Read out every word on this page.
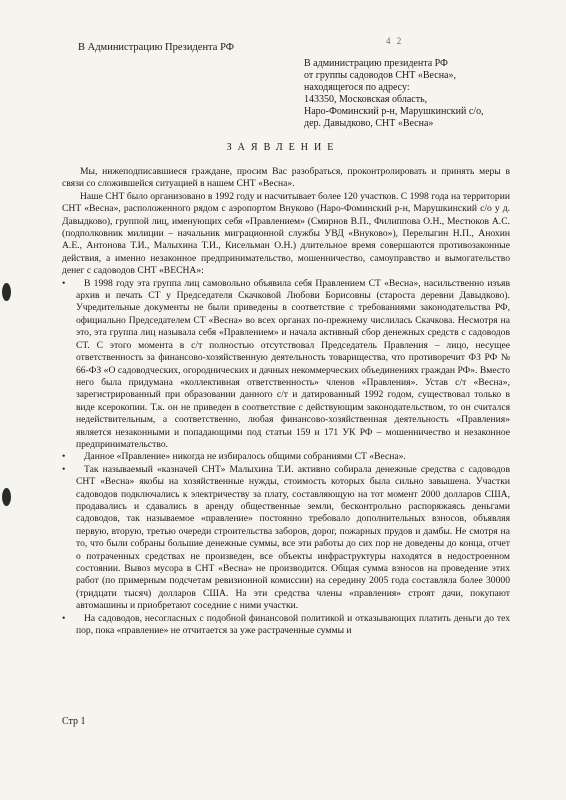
4 2
В Администрацию Президента РФ
В администрацию президента РФ
от группы садоводов СНТ «Весна»,
находящегося по адресу:
143350, Московская область,
Наро-Фоминский р-н, Марушкинский с/о,
дер. Давыдково, СНТ «Весна»
ЗАЯВЛЕНИЕ

Мы, нижеподписавшиеся граждане, просим Вас разобраться, проконтролировать и принять меры в связи со сложившейся ситуацией в нашем СНТ «Весна».

Наше СНТ было организовано в 1992 году и насчитывает более 120 участков. С 1998 года на территории СНТ «Весна», расположенного рядом с аэропортом Внуково (Наро-Фоминский р-н, Марушкинский с/о у д. Давыдково), группой лиц, именующих себя «Правлением» (Смирнов В.П., Филиппова О.Н., Местюков А.С. (подполковник милиции – начальник миграционной службы УВД «Внуково»), Перелыгин Н.П., Анохин А.Е., Антонова Т.И., Малыхина Т.И., Кисельман О.Н.) длительное время совершаются противозаконные действия, а именно незаконное предпринимательство, мошенничество, самоуправство и вымогательство денег с садоводов СНТ «ВЕСНА»:

• В 1998 году эта группа лиц самовольно объявила себя Правлением СТ «Весна», насильственно изъяв архив и печать СТ у Председателя Скачковой Любови Борисовны (староста деревни Давыдково). Учредительные документы не были приведены в соответствие с требованиями законодательства РФ, официально Председателем СТ «Весна» во всех органах по-прежнему числилась Скачкова. Несмотря на это, эта группа лиц называла себя «Правлением» и начала активный сбор денежных средств с садоводов СТ. С этого момента в с/т полностью отсутствовал Председатель Правления – лицо, несущее ответственность за финансово-хозяйственную деятельность товарищества, что противоречит ФЗ РФ № 66-ФЗ «О садоводческих, огороднических и дачных некоммерческих объединениях граждан РФ». Вместо него была придумана «коллективная ответственность» членов «Правления». Устав с/т «Весна», зарегистрированный при образовании данного с/т и датированный 1992 годом, существовал только в виде ксерокопии. Т.к. он не приведен в соответствие с действующим законодательством, то он считался недействительным, а соответственно, любая финансово-хозяйственная деятельность «Правления» является незаконными и попадающими под статьи 159 и 171 УК РФ – мошенничество и незаконное предпринимательство.

• Данное «Правление» никогда не избиралось общими собраниями СТ «Весна».

• Так называемый «казначей СНТ» Малыхина Т.И. активно собирала денежные средства с садоводов СНТ «Весна» якобы на хозяйственные нужды, стоимость которых была сильно завышена. Участки садоводов подключались к электричеству за плату, составляющую на тот момент 2000 долларов США, продавались и сдавались в аренду общественные земли, бесконтрольно распоряжаясь деньгами садоводов, так называемое «правление» постоянно требовало дополнительных взносов, объявляя первую, вторую, третью очереди строительства заборов, дорог, пожарных прудов и дамбы. Не смотря на то, что были собраны большие денежные суммы, все эти работы до сих пор не доведены до конца, отчет о потраченных средствах не произведен, все объекты инфраструктуры находятся в недостроенном состоянии. Вывоз мусора в СНТ «Весна» не производится. Общая сумма взносов на проведение этих работ (по примерным подсчетам ревизионной комиссии) на середину 2005 года составляла более 30000 (тридцати тысяч) долларов США. На эти средства члены «правления» строят дачи, покупают автомашины и приобретают соседние с ними участки.

• На садоводов, несогласных с подобной финансовой политикой и отказывающих платить деньги до тех пор, пока «правление» не отчитается за уже растраченные суммы и

Стр 1
